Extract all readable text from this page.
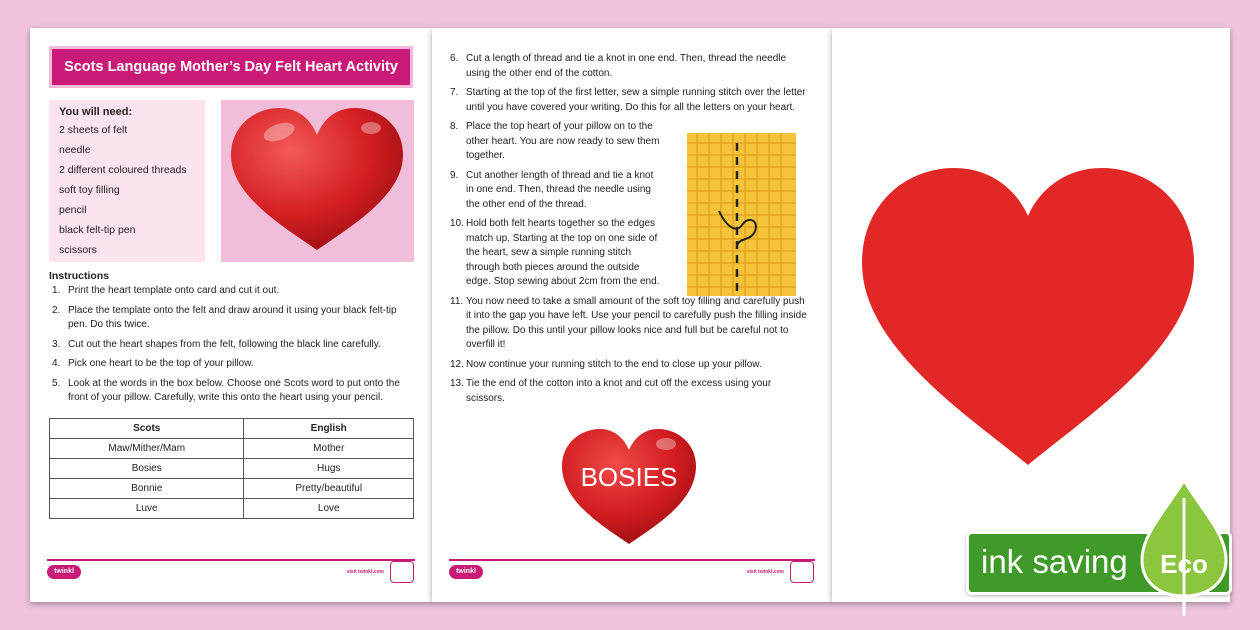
Scots Language Mother’s Day Felt Heart Activity
You will need:
2 sheets of felt
needle
2 different coloured threads
soft toy filling
pencil
black felt-tip pen
scissors
Instructions
1. Print the heart template onto card and cut it out.
2. Place the template onto the felt and draw around it using your black felt-tip pen. Do this twice.
3. Cut out the heart shapes from the felt, following the black line carefully.
4. Pick one heart to be the top of your pillow.
5. Look at the words in the box below. Choose one Scots word to put onto the front of your pillow. Carefully, write this onto the heart using your pencil.
Scots	English
Maw/Mither/Mam	Mother
Bosies	Hugs
Bonnie	Pretty/beautiful
Luve	Love
twinkl	visit twinkl.com
6. Cut a length of thread and tie a knot in one end. Then, thread the needle using the other end of the cotton.
7. Starting at the top of the first letter, sew a simple running stitch over the letter until you have covered your writing. Do this for all the letters on your heart.
8. Place the top heart of your pillow on to the other heart. You are now ready to sew them together.
9. Cut another length of thread and tie a knot in one end. Then, thread the needle using the other end of the thread.
10. Hold both felt hearts together so the edges match up. Starting at the top on one side of the heart, sew a simple running stitch through both pieces around the outside edge. Stop sewing about 2cm from the end.
11. You now need to take a small amount of the soft toy filling and carefully push it into the gap you have left. Use your pencil to carefully push the filling inside the pillow. Do this until your pillow looks nice and full but be careful not to overfill it!
12. Now continue your running stitch to the end to close up your pillow.
13. Tie the end of the cotton into a knot and cut off the excess using your scissors.
BOSIES
twinkl	visit twinkl.com	ink saving Eco
